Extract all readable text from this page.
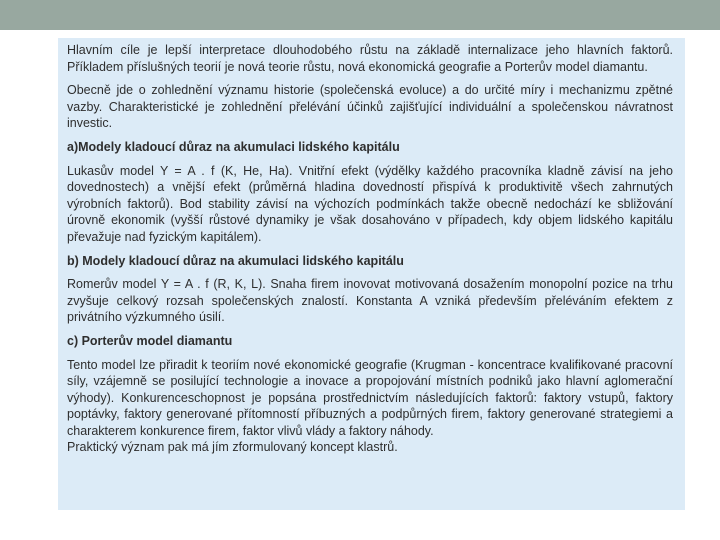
Hlavním cíle je lepší interpretace dlouhodobého růstu na základě internalizace jeho hlavních faktorů. Příkladem příslušných teorií je nová teorie růstu, nová ekonomická geografie a Porterův model diamantu.

Obecně jde o zohlednění významu historie (společenská evoluce) a do určité míry i mechanizmu zpětné vazby. Charakteristické je zohlednění přelévání účinků zajišťující individuální a společenskou návratnost investic.

a)Modely kladoucí důraz na akumulaci lidského kapitálu

Lukasův model Y = A . f (K, He, Ha). Vnitřní efekt (výdělky každého pracovníka kladně závisí na jeho dovednostech) a vnější efekt (průměrná hladina dovedností přispívá k produktivitě všech zahrnutých výrobních faktorů). Bod stability závisí na výchozích podmínkách takže obecně nedochází ke sbližování úrovně ekonomik (vyšší růstové dynamiky je však dosahováno v případech, kdy objem lidského kapitálu převažuje nad fyzickým kapitálem).

b) Modely kladoucí důraz na akumulaci lidského kapitálu

Romerův model Y = A . f (R, K, L). Snaha firem inovovat motivovaná dosažením monopolní pozice na trhu zvyšuje celkový rozsah společenských znalostí. Konstanta A vzniká především přeléváním efektem z privátního výzkumného úsilí.

c) Porterův model diamantu

Tento model lze přiradit k teoriím nové ekonomické geografie (Krugman - koncentrace kvalifikované pracovní síly, vzájemně se posilující technologie a inovace a propojování místních podniků jako hlavní aglomerační výhody). Konkurenceschopnost je popsána prostřednictvím následujících faktorů: faktory vstupů, faktory poptávky, faktory generované přítomností příbuzných a podpůrných firem, faktory generované strategiemi a charakterem konkurence firem, faktor vlivů vlády a faktory náhody.

Praktický význam pak má jím zformulovaný koncept klastrů.
